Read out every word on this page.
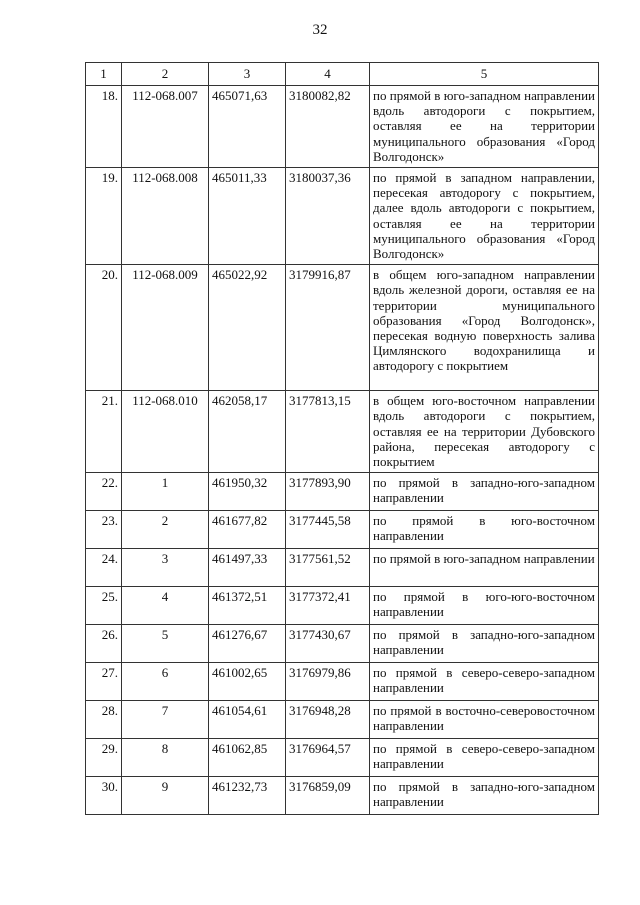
32
1	2	3	4	5
18.	112-068.007	465071,63	3180082,82	по прямой в юго-западном направлении вдоль автодороги с покрытием, оставляя ее на территории муниципального образования «Город Волгодонск»
19.	112-068.008	465011,33	3180037,36	по прямой в западном направлении, пересекая автодорогу с покрытием, далее вдоль автодороги с покрытием, оставляя ее на территории муниципального образования «Город Волгодонск»
20.	112-068.009	465022,92	3179916,87	в общем юго-западном направлении вдоль железной дороги, оставляя ее на территории муниципального образования «Город Волгодонск», пересекая водную поверхность залива Цимлянского водохранилища и автодорогу с покрытием
21.	112-068.010	462058,17	3177813,15	в общем юго-восточном направлении вдоль автодороги с покрытием, оставляя ее на территории Дубовского района, пересекая автодорогу с покрытием
22.	1	461950,32	3177893,90	по прямой в западно-юго-западном направлении
23.	2	461677,82	3177445,58	по прямой в юго-восточном направлении
24.	3	461497,33	3177561,52	по прямой в юго-западном направлении
25.	4	461372,51	3177372,41	по прямой в юго-юго-восточном направлении
26.	5	461276,67	3177430,67	по прямой в западно-юго-западном направлении
27.	6	461002,65	3176979,86	по прямой в северо-северо-западном направлении
28.	7	461054,61	3176948,28	по прямой в восточно-северовосточном направлении
29.	8	461062,85	3176964,57	по прямой в северо-северо-западном направлении
30.	9	461232,73	3176859,09	по прямой в западно-юго-западном направлении
